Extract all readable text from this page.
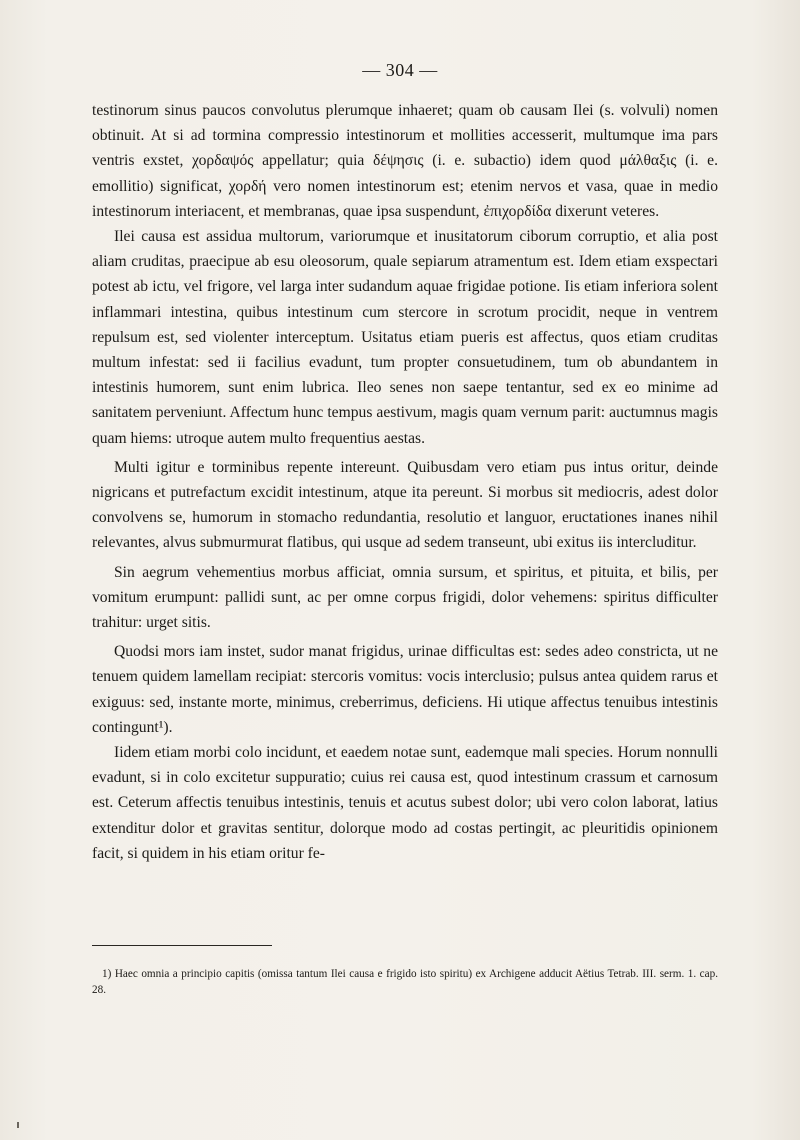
— 304 —

testinorum sinus paucos convolutus plerumque inhaeret; quam ob causam Ilei (s. volvuli) nomen obtinuit. At si ad tormina compressio intestinorum et mollities accesserit, multumque ima pars ventris exstet, χορδαψός appellatur; quia δέψησις (i. e. subactio) idem quod μάλθαξις (i. e. emollitio) significat, χορδή vero nomen intestinorum est; etenim nervos et vasa, quae in medio intestinorum interiacent, et membranas, quae ipsa suspendunt, ἐπιχορδίδα dixerunt veteres.

Ilei causa est assidua multorum, variorumque et inusitatorum ciborum corruptio, et alia post aliam cruditas, praecipue ab esu oleosorum, quale sepiarum atramentum est. Idem etiam exspectari potest ab ictu, vel frigore, vel larga inter sudandum aquae frigidae potione. Iis etiam inferiora solent inflammari intestina, quibus intestinum cum stercore in scrotum procidit, neque in ventrem repulsum est, sed violenter interceptum. Usitatus etiam pueris est affectus, quos etiam cruditas multum infestat: sed ii facilius evadunt, tum propter consuetudinem, tum ob abundantem in intestinis humorem, sunt enim lubrica. Ileo senes non saepe tentantur, sed ex eo minime ad sanitatem perveniunt. Affectum hunc tempus aestivum, magis quam vernum parit: auctumnus magis quam hiems: utroque autem multo frequentius aestas.

Multi igitur e torminibus repente intereunt. Quibusdam vero etiam pus intus oritur, deinde nigricans et putrefactum excidit intestinum, atque ita pereunt. Si morbus sit mediocris, adest dolor convolvens se, humorum in stomacho redundantia, resolutio et languor, eructationes inanes nihil relevantes, alvus submurmurat flatibus, qui usque ad sedem transeunt, ubi exitus iis intercluditur.

Sin aegrum vehementius morbus afficiat, omnia sursum, et spiritus, et pituita, et bilis, per vomitum erumpunt: pallidi sunt, ac per omne corpus frigidi, dolor vehemens: spiritus difficulter trahitur: urget sitis.

Quodsi mors iam instet, sudor manat frigidus, urinae difficultas est: sedes adeo constricta, ut ne tenuem quidem lamellam recipiat: stercoris vomitus: vocis interclusio; pulsus antea quidem rarus et exiguus: sed, instante morte, minimus, creberrimus, deficiens. Hi utique affectus tenuibus intestinis contingunt¹).

Iidem etiam morbi colo incidunt, et eaedem notae sunt, eademque mali species. Horum nonnulli evadunt, si in colo excitetur suppuratio; cuius rei causa est, quod intestinum crassum et carnosum est. Ceterum affectis tenuibus intestinis, tenuis et acutus subest dolor; ubi vero colon laborat, latius extenditur dolor et gravitas sentitur, dolorque modo ad costas pertingit, ac pleuritidis opinionem facit, si quidem in his etiam oritur fe-

1) Haec omnia a principio capitis (omissa tantum Ilei causa e frigido isto spiritu) ex Archigene adducit Aëtius Tetrab. III. serm. 1. cap. 28.
